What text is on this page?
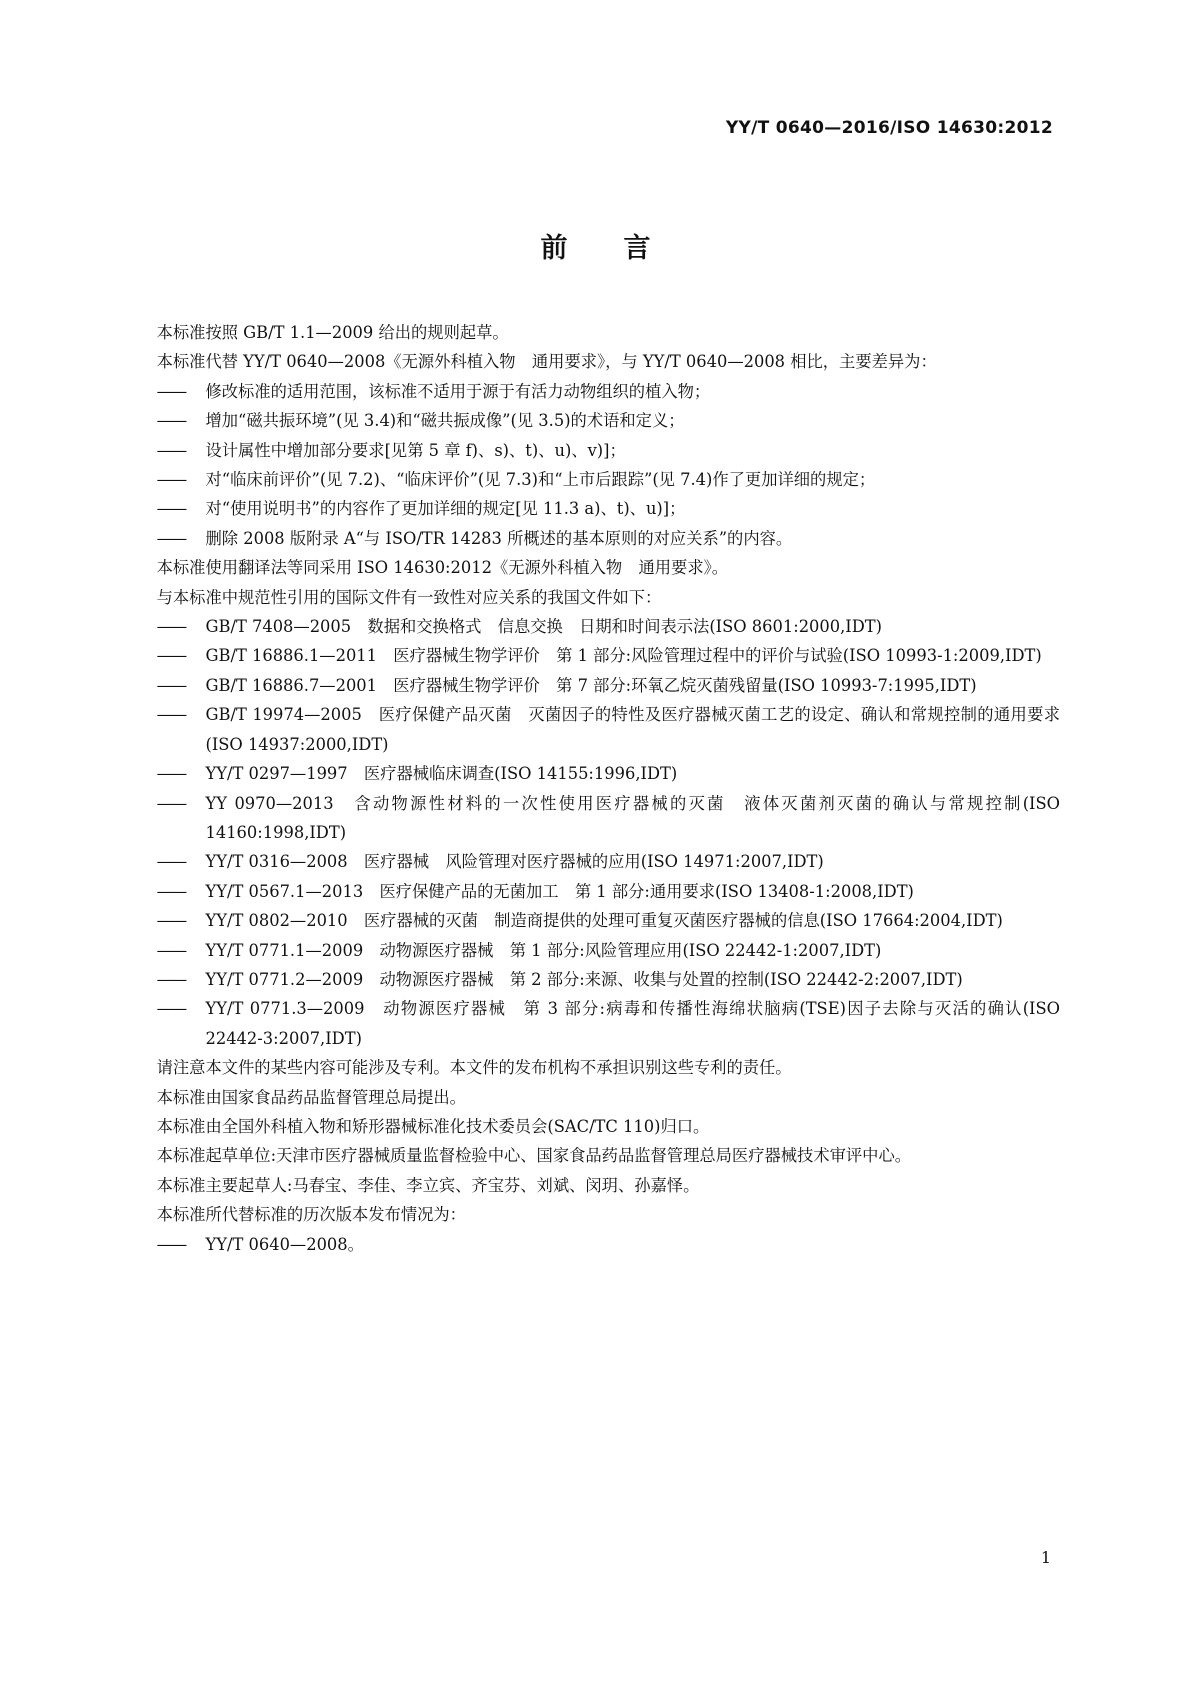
YY/T 0640—2016/ISO 14630:2012
前言

本标准按照 GB/T 1.1—2009 给出的规则起草。

本标准代替 YY/T 0640—2008《无源外科植入物　通用要求》，与 YY/T 0640—2008 相比，主要差异为：

——	修改标准的适用范围，该标准不适用于源于有活力动物组织的植入物；
——	增加“磁共振环境”(见 3.4)和“磁共振成像”(见 3.5)的术语和定义；
——	设计属性中增加部分要求[见第 5 章 f)、s)、t)、u)、v)]；
——	对“临床前评价”(见 7.2)、“临床评价”(见 7.3)和“上市后跟踪”(见 7.4)作了更加详细的规定；
——	对“使用说明书”的内容作了更加详细的规定[见 11.3 a)、t)、u)]；
——	删除 2008 版附录 A“与 ISO/TR 14283 所概述的基本原则的对应关系”的内容。

本标准使用翻译法等同采用 ISO 14630:2012《无源外科植入物　通用要求》。

与本标准中规范性引用的国际文件有一致性对应关系的我国文件如下：

——	GB/T 7408—2005　数据和交换格式　信息交换　日期和时间表示法(ISO 8601:2000,IDT)
——	GB/T 16886.1—2011　医疗器械生物学评价　第 1 部分:风险管理过程中的评价与试验(ISO 10993-1:2009,IDT)
——	GB/T 16886.7—2001　医疗器械生物学评价　第 7 部分:环氧乙烷灭菌残留量(ISO 10993-7:1995,IDT)
——	GB/T 19974—2005　医疗保健产品灭菌　灭菌因子的特性及医疗器械灭菌工艺的设定、确认和常规控制的通用要求(ISO 14937:2000,IDT)
——	YY/T 0297—1997　医疗器械临床调查(ISO 14155:1996,IDT)
——	YY 0970—2013　含动物源性材料的一次性使用医疗器械的灭菌　液体灭菌剂灭菌的确认与常规控制(ISO 14160:1998,IDT)
——	YY/T 0316—2008　医疗器械　风险管理对医疗器械的应用(ISO 14971:2007,IDT)
——	YY/T 0567.1—2013　医疗保健产品的无菌加工　第 1 部分:通用要求(ISO 13408-1:2008,IDT)
——	YY/T 0802—2010　医疗器械的灭菌　制造商提供的处理可重复灭菌医疗器械的信息(ISO 17664:2004,IDT)
——	YY/T 0771.1—2009　动物源医疗器械　第 1 部分:风险管理应用(ISO 22442-1:2007,IDT)
——	YY/T 0771.2—2009　动物源医疗器械　第 2 部分:来源、收集与处置的控制(ISO 22442-2:2007,IDT)
——	YY/T 0771.3—2009　动物源医疗器械　第 3 部分:病毒和传播性海绵状脑病(TSE)因子去除与灭活的确认(ISO 22442-3:2007,IDT)

请注意本文件的某些内容可能涉及专利。本文件的发布机构不承担识别这些专利的责任。

本标准由国家食品药品监督管理总局提出。

本标准由全国外科植入物和矫形器械标准化技术委员会(SAC/TC 110)归口。

本标准起草单位:天津市医疗器械质量监督检验中心、国家食品药品监督管理总局医疗器械技术审评中心。

本标准主要起草人:马春宝、李佳、李立宾、齐宝芬、刘斌、闵玥、孙嘉怿。

本标准所代替标准的历次版本发布情况为：

——	YY/T 0640—2008。
1
